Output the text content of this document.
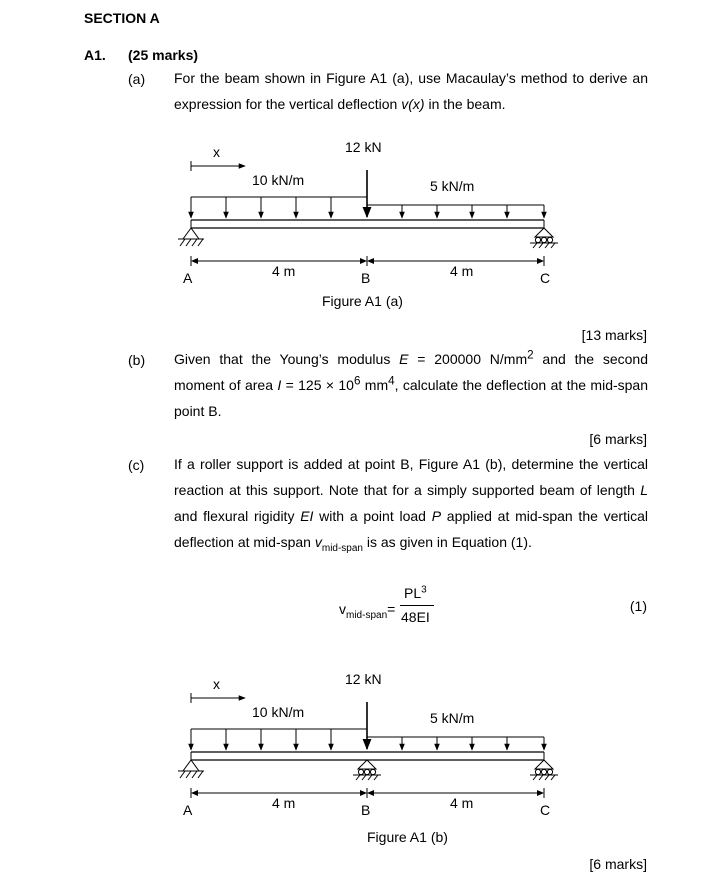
SECTION A
A1. (25 marks)
(a) For the beam shown in Figure A1 (a), use Macaulay’s method to derive an expression for the vertical deflection v(x) in the beam.
x	12 kN
10 kN/m	5 kN/m
4 m	4 m
A	B	C
Figure A1 (a)
[13 marks]
(b) Given that the Young’s modulus E = 200000 $N/mm^2$ and the second moment of area $I = 125 \times 10^6$ $mm^4$, calculate the deflection at the mid-span point B.
[6 marks]
(c) If a roller support is added at point B, Figure A1 (b), determine the vertical reaction at this support. Note that for a simply supported beam of length L and flexural rigidity EI with a point load P applied at mid-span the vertical deflection at mid-span $v_{mid-span}$ is as given in Equation (1).
$v_{mid-span}=$
$PL^3$
48EI
(1)
x	12 kN
10 kN/m	5 kN/m
4 m	4 m
A	B	C
Figure A1 (b)
[6 marks]
